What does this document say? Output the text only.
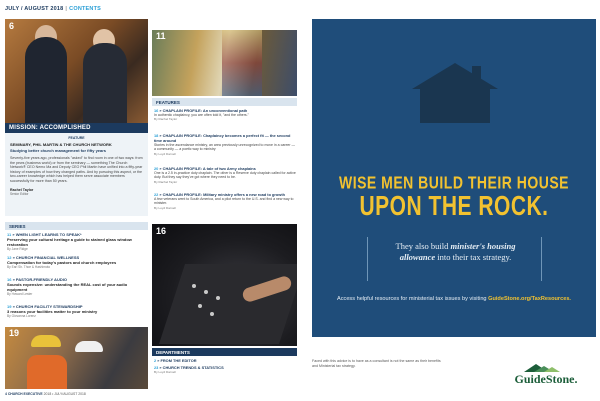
JULY / AUGUST 2018 | CONTENTS
6
MISSION: ACCOMPLISHED
FEATURE
SEMINARY, PHIL MARTIN & THE CHURCH NETWORK
Studying better church management for fifty years
Seventy-five years ago, professionals "asked" to find room in one of two ways: from the pews (business world) or from the seminary — something The Church Network® CEO Nemo Ma and Deputy CEO Phil Martin have unified into a fifty-year history of examples of how they changed paths. And by pursuing this aspect, or the two-career knowledge which has helped them serve associate members successfully for more than 50 years.
Rachel Taylor
Senior Editor
SERIES
11 » WHEN LIGHT LEARNS TO SPEAK*
Preserving your cultural heritage a guide to stained glass window restoration
By Jane Ridge
12 » CHURCH FINANCIAL WELLNESS
Compensation for today's pastors and church employees
By Earl Sh. Thoe & Hashimoto
16 » PASTOR-FRIENDLY AUDIO
Sounds expensive: understanding the REAL cost of your audio equipment
By Howard Lester
19 » CHURCH FACILITY STEWARDSHIP
3 reasons your facilities matter to your ministry
By Giovanna Lorenz
19
11
FEATURES
16 » CHAPLAIN PROFILE: An unconventional path
In authentic chaplaincy, you are often told it, "and the others."
By Rachel Taylor
18 » CHAPLAIN PROFILE: Chaplaincy becomes a perfect fit — the second time around
Stories in the ascendance ministry, an area previously unrecognized to move in a career — a community — a poetic way to ministry
By Loyd Darnell
20 » CHAPLAIN PROFILE: A tale of two Army chaplains
One is a 2.5 in-practice duty chaplain. The other is a Reserve duty chaplain called for active duty. But they say they've got where they need to be.
By Rachel Taylor
22 » CHAPLAIN PROFILE: Military ministry offers a new road to growth
A few veterans went to South America, and a pilot return to the U.S. and find a new way to minister.
By Loyd Darnell
16
DEPARTMENTS
2 » FROM THE EDITOR
23 » CHURCH TRENDS & STATISTICS
By Loyd Darnell
4 CHURCH EXECUTIVE 2018 • JULY/AUGUST 2018
WISE MEN BUILD THEIR HOUSE
UPON THE ROCK.
They also build minister's housing
allowance into their tax strategy.
Access helpful resources for ministerial tax issues by visiting GuideStone.org/TaxResources.
Faced with this advice is to have as a consultant is not the same as their benefits and Ministerial tax strategy.
GuideStone.
